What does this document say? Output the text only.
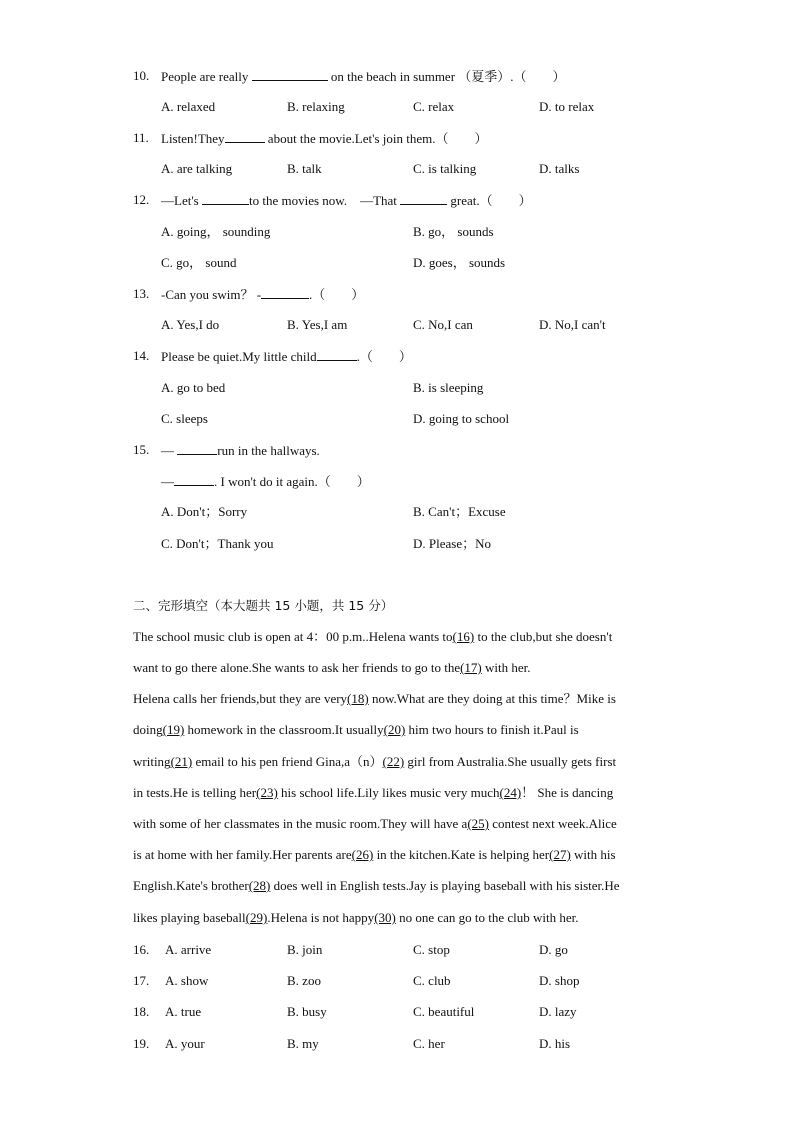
10. People are really	on the beach in summer （夏季）.（　　）
A. relaxed	B. relaxing	C. relax	D. to relax
11. Listen!They	about the movie.Let's join them.（　　）
A. are talking	B. talk	C. is talking	D. talks
12. —Let's	to the movies now.　—That	great.（　　）
A. going， sounding	B. go， sounds
C. go， sound	D. goes， sounds
13. -Can you swim？ -	.（　　）
A. Yes,I do	B. Yes,I am	C. No,I can	D. No,I can't
14. Please be quiet.My little child	.（　　）
A. go to bed	B. is sleeping
C. sleeps	D. going to school
15. —	run in the hallways.
—	. I won't do it again.（　　）
A. Don't；Sorry	B. Can't；Excuse
C. Don't；Thank you	D. Please；No
二、完形填空（本大题共 15 小题，共 15 分）
The school music club is open at 4：00 p.m..Helena wants to(16) to the club,but she doesn't
want to go there alone.She wants to ask her friends to go to the(17) with her.
Helena calls her friends,but they are very(18) now.What are they doing at this time？Mike is
doing(19) homework in the classroom.It usually(20) him two hours to finish it.Paul is
writing(21) email to his pen friend Gina,a（n）(22) girl from Australia.She usually gets first
in tests.He is telling her(23) his school life.Lily likes music very much(24)！ She is dancing
with some of her classmates in the music room.They will have a(25) contest next week.Alice
is at home with her family.Her parents are(26) in the kitchen.Kate is helping her(27) with his
English.Kate's brother(28) does well in English tests.Jay is playing baseball with his sister.He
likes playing baseball(29).Helena is not happy(30) no one can go to the club with her.
16. A. arrive	B. join	C. stop	D. go
17. A. show	B. zoo	C. club	D. shop
18. A. true	B. busy	C. beautiful	D. lazy
19. A. your	B. my	C. her	D. his
